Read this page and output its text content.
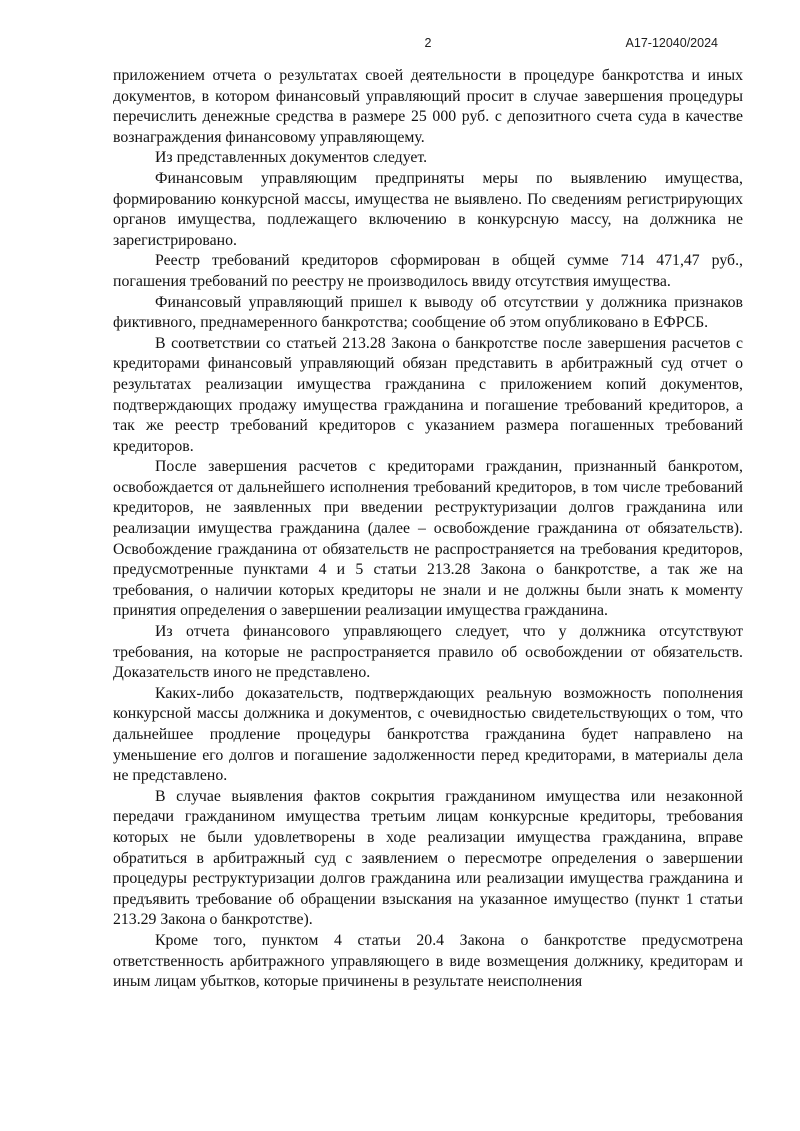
2	А17-12040/2024

приложением отчета о результатах своей деятельности в процедуре банкротства и иных документов, в котором финансовый управляющий просит в случае завершения процедуры перечислить денежные средства в размере 25 000 руб. с депозитного счета суда в качестве вознаграждения финансовому управляющему.

Из представленных документов следует.

Финансовым управляющим предприняты меры по выявлению имущества, формированию конкурсной массы, имущества не выявлено. По сведениям регистрирующих органов имущества, подлежащего включению в конкурсную массу, на должника не зарегистрировано.

Реестр требований кредиторов сформирован в общей сумме 714 471,47 руб., погашения требований по реестру не производилось ввиду отсутствия имущества.

Финансовый управляющий пришел к выводу об отсутствии у должника признаков фиктивного, преднамеренного банкротства; сообщение об этом опубликовано в ЕФРСБ.

В соответствии со статьей 213.28 Закона о банкротстве после завершения расчетов с кредиторами финансовый управляющий обязан представить в арбитражный суд отчет о результатах реализации имущества гражданина с приложением копий документов, подтверждающих продажу имущества гражданина и погашение требований кредиторов, а так же реестр требований кредиторов с указанием размера погашенных требований кредиторов.

После завершения расчетов с кредиторами гражданин, признанный банкротом, освобождается от дальнейшего исполнения требований кредиторов, в том числе требований кредиторов, не заявленных при введении реструктуризации долгов гражданина или реализации имущества гражданина (далее – освобождение гражданина от обязательств). Освобождение гражданина от обязательств не распространяется на требования кредиторов, предусмотренные пунктами 4 и 5 статьи 213.28 Закона о банкротстве, а так же на требования, о наличии которых кредиторы не знали и не должны были знать к моменту принятия определения о завершении реализации имущества гражданина.

Из отчета финансового управляющего следует, что у должника отсутствуют требования, на которые не распространяется правило об освобождении от обязательств. Доказательств иного не представлено.

Каких-либо доказательств, подтверждающих реальную возможность пополнения конкурсной массы должника и документов, с очевидностью свидетельствующих о том, что дальнейшее продление процедуры банкротства гражданина будет направлено на уменьшение его долгов и погашение задолженности перед кредиторами, в материалы дела не представлено.

В случае выявления фактов сокрытия гражданином имущества или незаконной передачи гражданином имущества третьим лицам конкурсные кредиторы, требования которых не были удовлетворены в ходе реализации имущества гражданина, вправе обратиться в арбитражный суд с заявлением о пересмотре определения о завершении процедуры реструктуризации долгов гражданина или реализации имущества гражданина и предъявить требование об обращении взыскания на указанное имущество (пункт 1 статьи 213.29 Закона о банкротстве).

Кроме того, пунктом 4 статьи 20.4 Закона о банкротстве предусмотрена ответственность арбитражного управляющего в виде возмещения должнику, кредиторам и иным лицам убытков, которые причинены в результате неисполнения
